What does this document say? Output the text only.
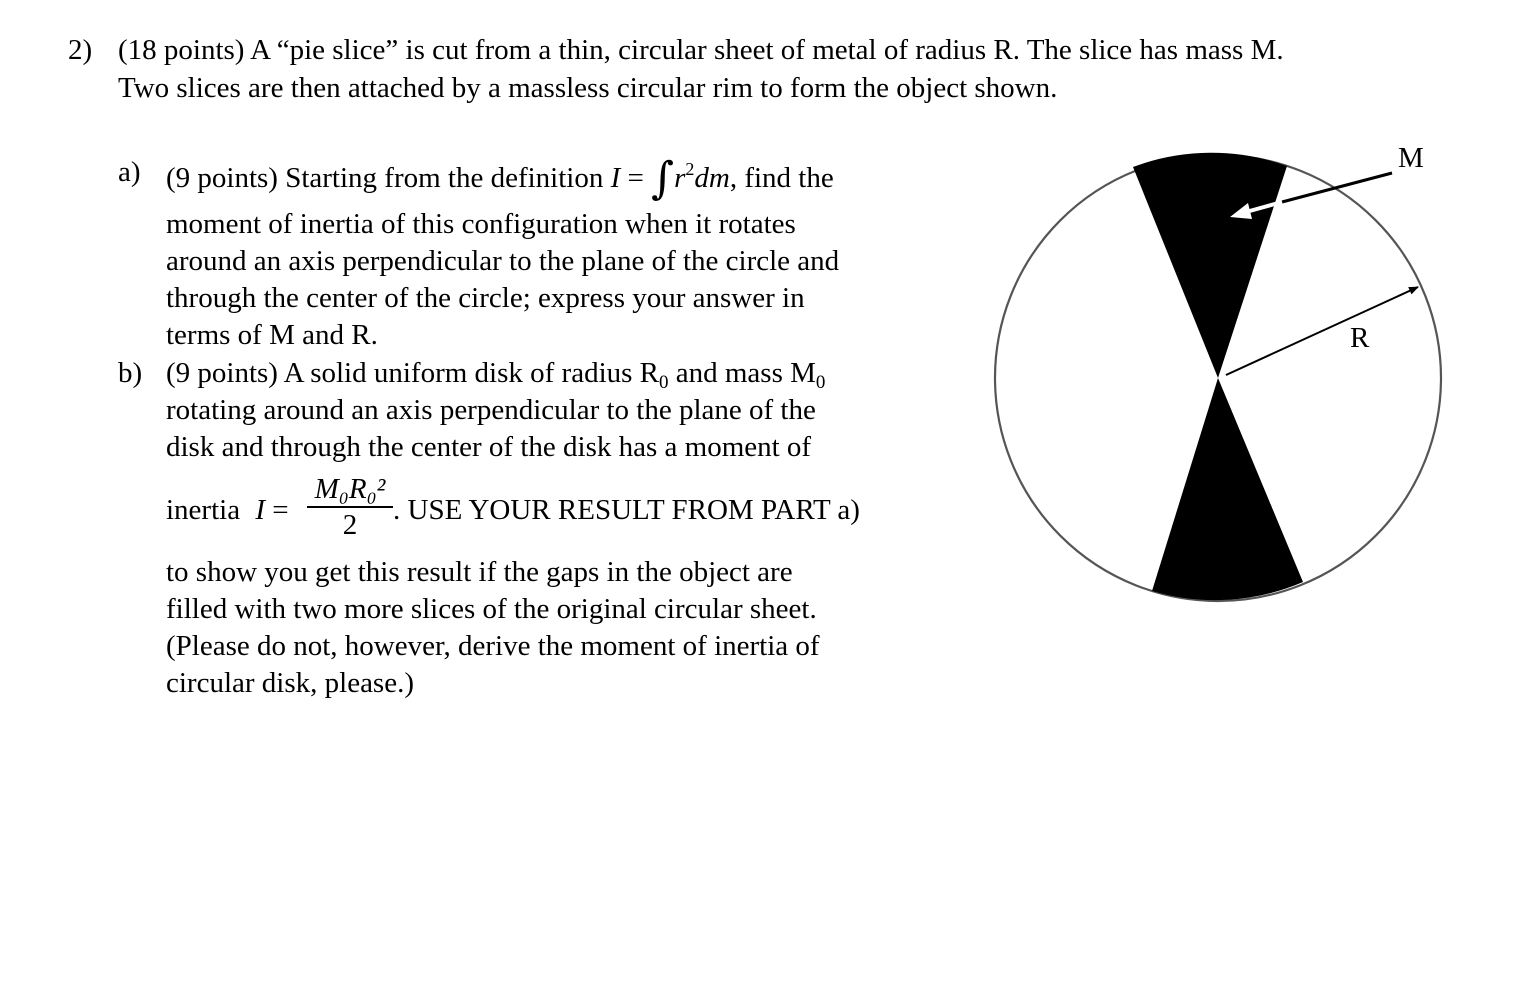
2) (18 points) A “pie slice” is cut from a thin, circular sheet of metal of radius R. The slice has mass M.
Two slices are then attached by a massless circular rim to form the object shown.
a) (9 points) Starting from the definition $I = \int r^2dm$, find the
moment of inertia of this configuration when it rotates
around an axis perpendicular to the plane of the circle and
through the center of the circle; express your answer in
terms of M and R.
b) (9 points) A solid uniform disk of radius $R_0$ and mass $M_0$
rotating around an axis perpendicular to the plane of the
disk and through the center of the disk has a moment of
inertia I =
M₀R₀²
2	. USE YOUR RESULT FROM PART a)
to show you get this result if the gaps in the object are
filled with two more slices of the original circular sheet.
(Please do not, however, derive the moment of inertia of
circular disk, please.)
M
R
